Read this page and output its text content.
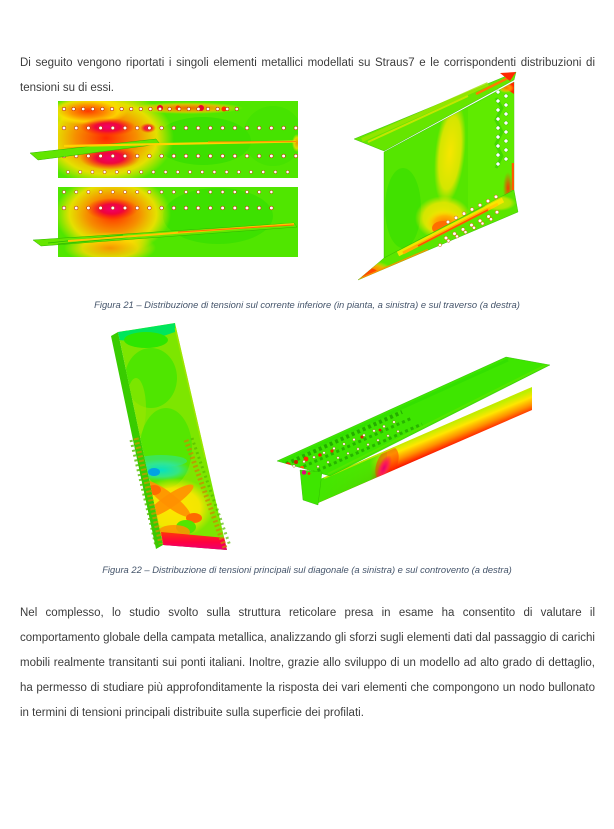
Di seguito vengono riportati i singoli elementi metallici modellati su Straus7 e le corrispondenti distribuzioni di tensioni su di essi.

Figura 21 – Distribuzione di tensioni sul corrente inferiore (in pianta, a sinistra) e sul traverso (a destra)

Figura 22 – Distribuzione di tensioni principali sul diagonale (a sinistra) e sul controvento (a destra)

Nel complesso, lo studio svolto sulla struttura reticolare presa in esame ha consentito di valutare il comportamento globale della campata metallica, analizzando gli sforzi sugli elementi dati dal passaggio di carichi mobili realmente transitanti sui ponti italiani. Inoltre, grazie allo sviluppo di un modello ad alto grado di dettaglio, ha permesso di studiare più approfonditamente la risposta dei vari elementi che compongono un nodo bullonato in termini di tensioni principali distribuite sulla superficie dei profilati.
